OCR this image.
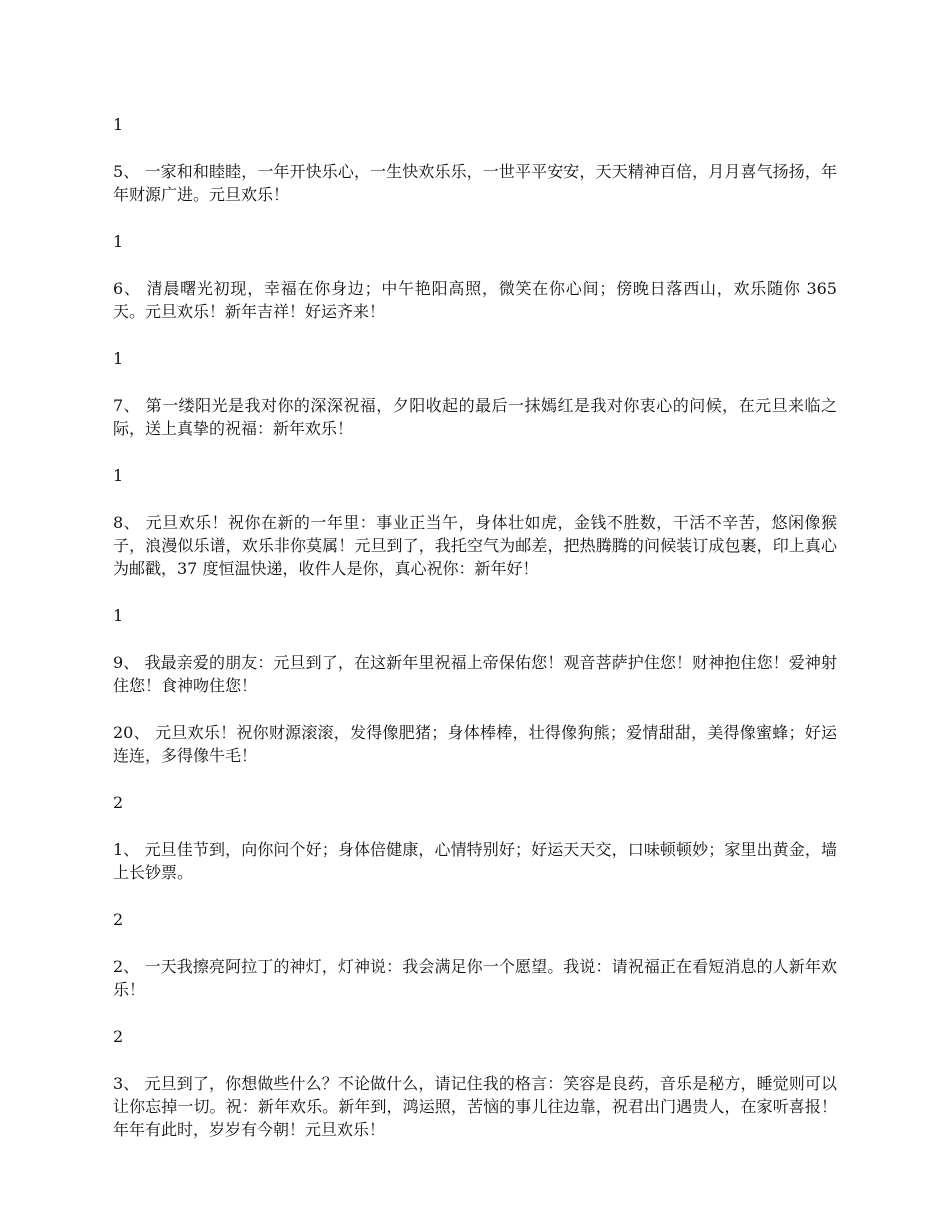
1

5、 一家和和睦睦，一年开快乐心，一生快欢乐乐，一世平平安安，天天精神百倍，月月喜气扬扬，年年财源广进。元旦欢乐！

1

6、 清晨曙光初现，幸福在你身边；中午艳阳高照，微笑在你心间；傍晚日落西山，欢乐随你 365 天。元旦欢乐！新年吉祥！好运齐来！

1

7、 第一缕阳光是我对你的深深祝福，夕阳收起的最后一抹嫣红是我对你衷心的问候，在元旦来临之际，送上真挚的祝福：新年欢乐！

1

8、 元旦欢乐！祝你在新的一年里：事业正当午，身体壮如虎，金钱不胜数，干活不辛苦，悠闲像猴子，浪漫似乐谱，欢乐非你莫属！元旦到了，我托空气为邮差，把热腾腾的问候装订成包裹，印上真心为邮戳，37 度恒温快递，收件人是你，真心祝你：新年好！

1

9、 我最亲爱的朋友：元旦到了，在这新年里祝福上帝保佑您！观音菩萨护住您！财神抱住您！爱神射住您！食神吻住您！

20、 元旦欢乐！祝你财源滚滚，发得像肥猪；身体棒棒，壮得像狗熊；爱情甜甜，美得像蜜蜂；好运连连，多得像牛毛！

2

1、 元旦佳节到，向你问个好；身体倍健康，心情特别好；好运天天交，口味顿顿妙；家里出黄金，墙上长钞票。

2

2、 一天我擦亮阿拉丁的神灯，灯神说：我会满足你一个愿望。我说：请祝福正在看短消息的人新年欢乐！

2

3、 元旦到了，你想做些什么？不论做什么，请记住我的格言：笑容是良药，音乐是秘方，睡觉则可以让你忘掉一切。祝：新年欢乐。新年到，鸿运照，苦恼的事儿往边靠，祝君出门遇贵人，在家听喜报！年年有此时，岁岁有今朝！元旦欢乐！
